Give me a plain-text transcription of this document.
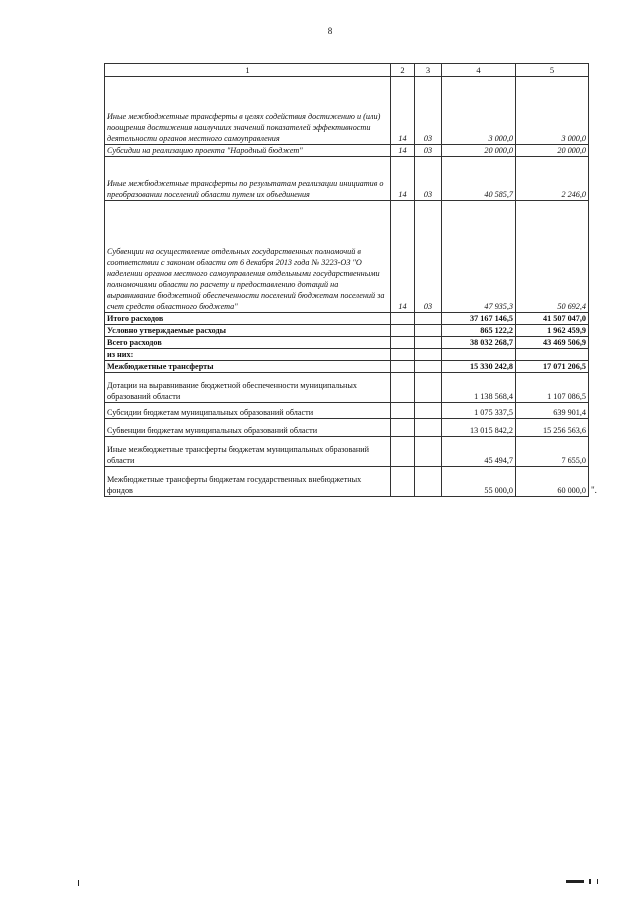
8
1	2	3	4	5
Иные межбюджетные трансферты в целях содействия достижению и (или) поощрения достижения наилучших значений показателей эффективности деятельности органов местного самоуправления	14	03	3 000,0	3 000,0
Субсидии на реализацию проекта "Народный бюджет"	14	03	20 000,0	20 000,0
Иные межбюджетные трансферты по результатам реализации инициатив о преобразовании поселений области путем их объединения	14	03	40 585,7	2 246,0
Субвенции на осуществление отдельных государственных полномочий в соответствии с законом области от 6 декабря 2013 года № 3223-ОЗ "О наделении органов местного самоуправления отдельными государственными полномочиями области по расчету и предоставлению дотаций на выравнивание бюджетной обеспеченности поселений бюджетам поселений за счет средств областного бюджета"	14	03	47 935,3	50 692,4
Итого расходов			37 167 146,5	41 507 047,0
Условно утверждаемые расходы			865 122,2	1 962 459,9
Всего расходов			38 032 268,7	43 469 506,9
из них:				
Межбюджетные трансферты			15 330 242,8	17 071 206,5
Дотации на выравнивание бюджетной обеспеченности муниципальных образований области			1 138 568,4	1 107 086,5
Субсидии бюджетам муниципальных образований области			1 075 337,5	639 901,4
Субвенции бюджетам муниципальных образований области			13 015 842,2	15 256 563,6
Иные межбюджетные трансферты бюджетам муниципальных образований области			45 494,7	7 655,0
Межбюджетные трансферты бюджетам государственных внебюджетных фондов			55 000,0	60 000,0 ".
